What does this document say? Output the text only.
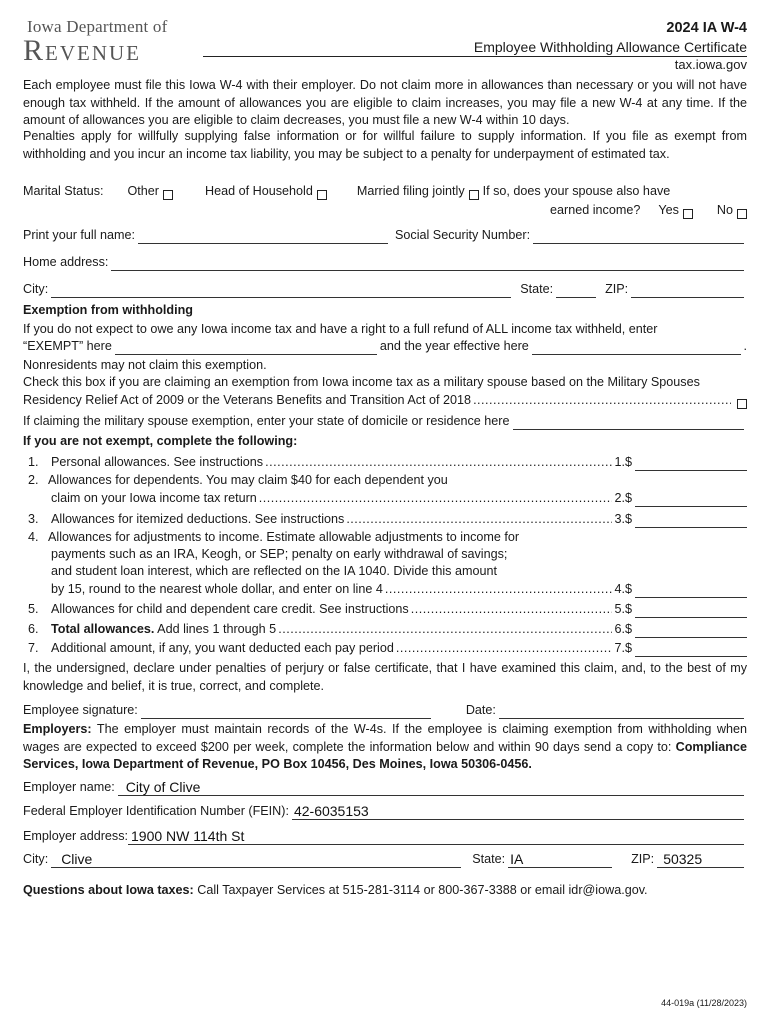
Iowa Department of
Revenue
2024 IA W-4
Employee Withholding Allowance Certificate
tax.iowa.gov
Each employee must file this Iowa W-4 with their employer. Do not claim more in allowances than necessary or you will not have enough tax withheld. If the amount of allowances you are eligible to claim increases, you may file a new W-4 at any time. If the amount of allowances you are eligible to claim decreases, you must file a new W-4 within 10 days.
Penalties apply for willfully supplying false information or for willful failure to supply information. If you file as exempt from withholding and you incur an income tax liability, you may be subject to a penalty for underpayment of estimated tax.
Marital Status: Other	Head of Household	Married filing jointly If so, does your spouse also have
earned income? Yes	No
Print your full name:	Social Security Number:
Home address:
City:	State:	ZIP:
Exemption from withholding
If you do not expect to owe any Iowa income tax and have a right to a full refund of ALL income tax withheld, enter
“EXEMPT” here	and the year effective here	.
Nonresidents may not claim this exemption.
Check this box if you are claiming an exemption from Iowa income tax as a military spouse based on the Military Spouses
Residency Relief Act of 2009 or the Veterans Benefits and Transition Act of 2018
.....
If claiming the military spouse exemption, enter your state of domicile or residence here
If you are not exempt, complete the following:
1. Personal allowances. See instructions .....	1.$
2. Allowances for dependents. You may claim $40 for each dependent you
claim on your Iowa income tax return .....	2.$
3. Allowances for itemized deductions. See instructions .....	3.$
4. Allowances for adjustments to income. Estimate allowable adjustments to income for
payments such as an IRA, Keogh, or SEP; penalty on early withdrawal of savings;
and student loan interest, which are reflected on the IA 1040. Divide this amount
by 15, round to the nearest whole dollar, and enter on line 4 .....	4.$
5. Allowances for child and dependent care credit. See instructions .....	5.$
6. Total allowances. Add lines 1 through 5 .....	6.$
7. Additional amount, if any, you want deducted each pay period .....	7.$
I, the undersigned, declare under penalties of perjury or false certificate, that I have examined this claim, and, to the best of my knowledge and belief, it is true, correct, and complete.
Employee signature:	Date:
Employers: The employer must maintain records of the W-4s. If the employee is claiming exemption from withholding when wages are expected to exceed $200 per week, complete the information below and within 90 days send a copy to: Compliance Services, Iowa Department of Revenue, PO Box 10456, Des Moines, Iowa 50306-0456.
Employer name: City of Clive
Federal Employer Identification Number (FEIN): 42-6035153
Employer address: 1900 NW 114th St
City: Clive	State: IA	ZIP: 50325
Questions about Iowa taxes: Call Taxpayer Services at 515-281-3114 or 800-367-3388 or email idr@iowa.gov.
44-019a (11/28/2023)
